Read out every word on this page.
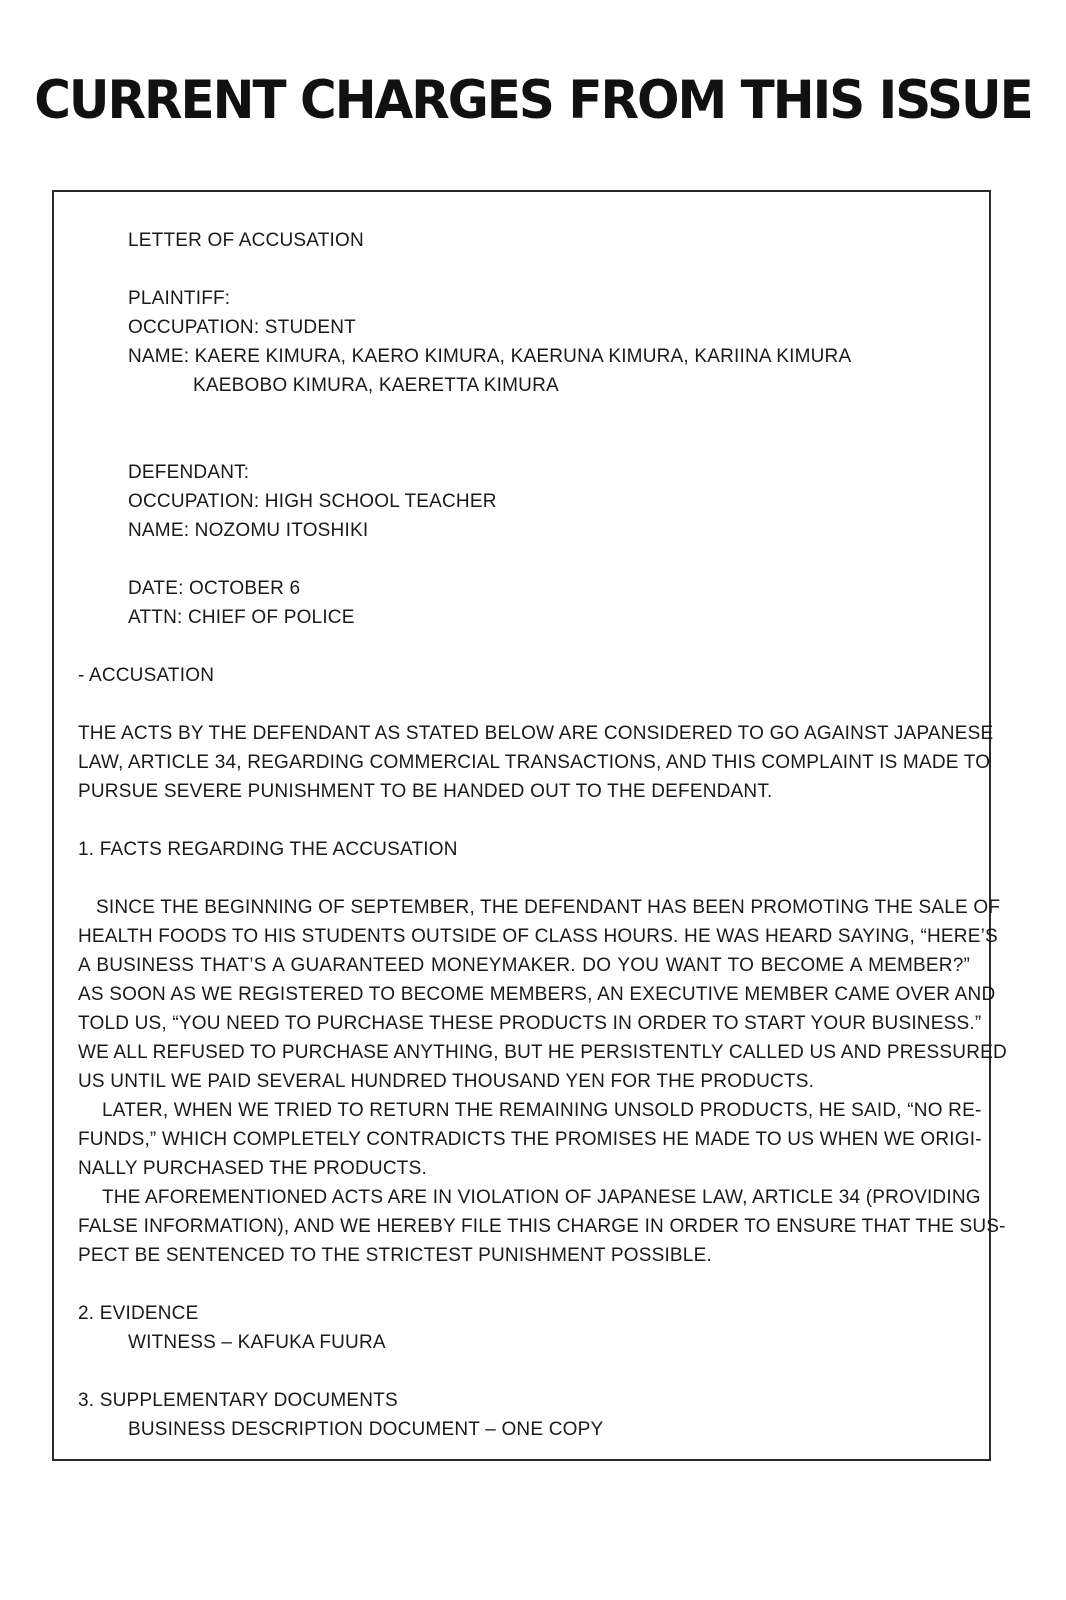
CURRENT CHARGES FROM THIS ISSUE
LETTER OF ACCUSATION
PLAINTIFF:
OCCUPATION: STUDENT
NAME: KAERE KIMURA, KAERO KIMURA, KAERUNA KIMURA, KARIINA KIMURA
KAEBOBO KIMURA, KAERETTA KIMURA
DEFENDANT:
OCCUPATION: HIGH SCHOOL TEACHER
NAME: NOZOMU ITOSHIKI
DATE: OCTOBER 6
ATTN: CHIEF OF POLICE
- ACCUSATION
THE ACTS BY THE DEFENDANT AS STATED BELOW ARE CONSIDERED TO GO AGAINST JAPANESE
LAW, ARTICLE 34, REGARDING COMMERCIAL TRANSACTIONS, AND THIS COMPLAINT IS MADE TO
PURSUE SEVERE PUNISHMENT TO BE HANDED OUT TO THE DEFENDANT.
1. FACTS REGARDING THE ACCUSATION
SINCE THE BEGINNING OF SEPTEMBER, THE DEFENDANT HAS BEEN PROMOTING THE SALE OF
HEALTH FOODS TO HIS STUDENTS OUTSIDE OF CLASS HOURS. HE WAS HEARD SAYING, “HERE’S
A BUSINESS THAT’S A GUARANTEED MONEYMAKER. DO YOU WANT TO BECOME A MEMBER?”
AS SOON AS WE REGISTERED TO BECOME MEMBERS, AN EXECUTIVE MEMBER CAME OVER AND
TOLD US, “YOU NEED TO PURCHASE THESE PRODUCTS IN ORDER TO START YOUR BUSINESS.”
WE ALL REFUSED TO PURCHASE ANYTHING, BUT HE PERSISTENTLY CALLED US AND PRESSURED
US UNTIL WE PAID SEVERAL HUNDRED THOUSAND YEN FOR THE PRODUCTS.
LATER, WHEN WE TRIED TO RETURN THE REMAINING UNSOLD PRODUCTS, HE SAID, “NO RE-
FUNDS,” WHICH COMPLETELY CONTRADICTS THE PROMISES HE MADE TO US WHEN WE ORIGI-
NALLY PURCHASED THE PRODUCTS.
THE AFOREMENTIONED ACTS ARE IN VIOLATION OF JAPANESE LAW, ARTICLE 34 (PROVIDING
FALSE INFORMATION), AND WE HEREBY FILE THIS CHARGE IN ORDER TO ENSURE THAT THE SUS-
PECT BE SENTENCED TO THE STRICTEST PUNISHMENT POSSIBLE.
2. EVIDENCE
WITNESS – KAFUKA FUURA
3. SUPPLEMENTARY DOCUMENTS
BUSINESS DESCRIPTION DOCUMENT – ONE COPY
